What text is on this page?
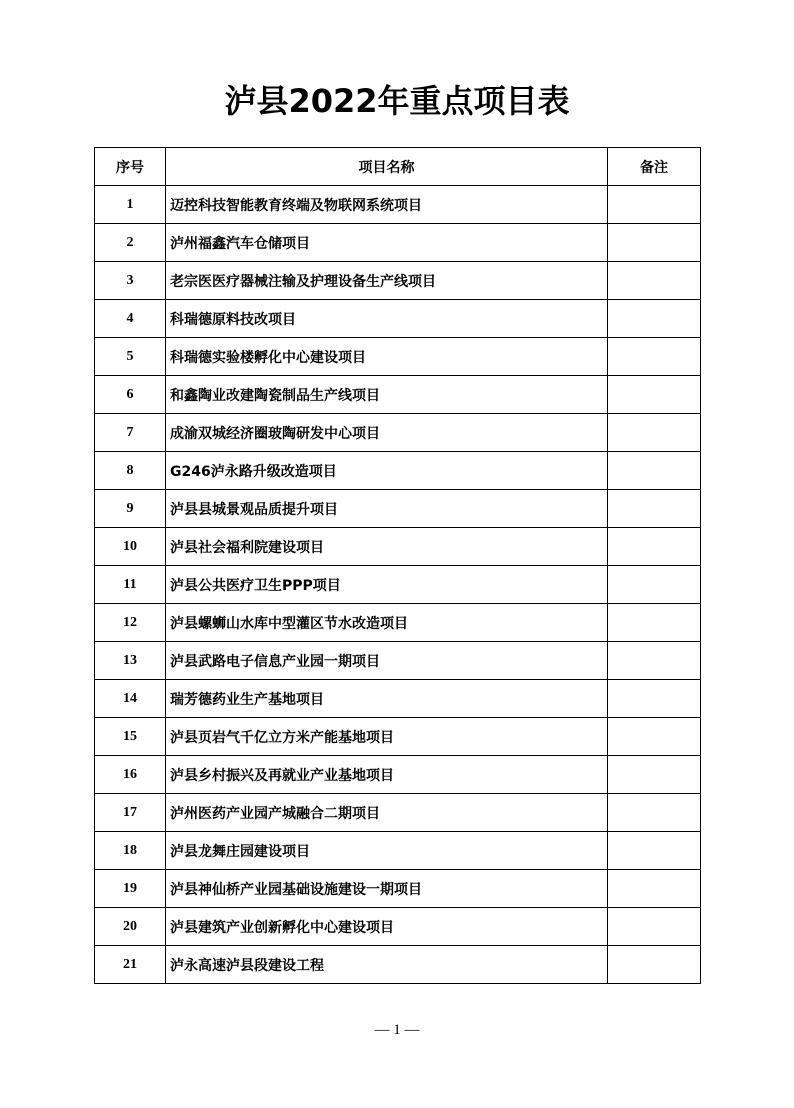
泸县2022年重点项目表
序号	项目名称	备注
1	迈控科技智能教育终端及物联网系统项目	
2	泸州福鑫汽车仓储项目	
3	老宗医医疗器械注输及护理设备生产线项目	
4	科瑞德原料技改项目	
5	科瑞德实验楼孵化中心建设项目	
6	和鑫陶业改建陶瓷制品生产线项目	
7	成渝双城经济圈玻陶研发中心项目	
8	G246泸永路升级改造项目	
9	泸县县城景观品质提升项目	
10	泸县社会福利院建设项目	
11	泸县公共医疗卫生PPP项目	
12	泸县螺蛳山水库中型灌区节水改造项目	
13	泸县武路电子信息产业园一期项目	
14	瑞芳德药业生产基地项目	
15	泸县页岩气千亿立方米产能基地项目	
16	泸县乡村振兴及再就业产业基地项目	
17	泸州医药产业园产城融合二期项目	
18	泸县龙舞庄园建设项目	
19	泸县神仙桥产业园基础设施建设一期项目	
20	泸县建筑产业创新孵化中心建设项目	
21	泸永高速泸县段建设工程	
— 1 —
